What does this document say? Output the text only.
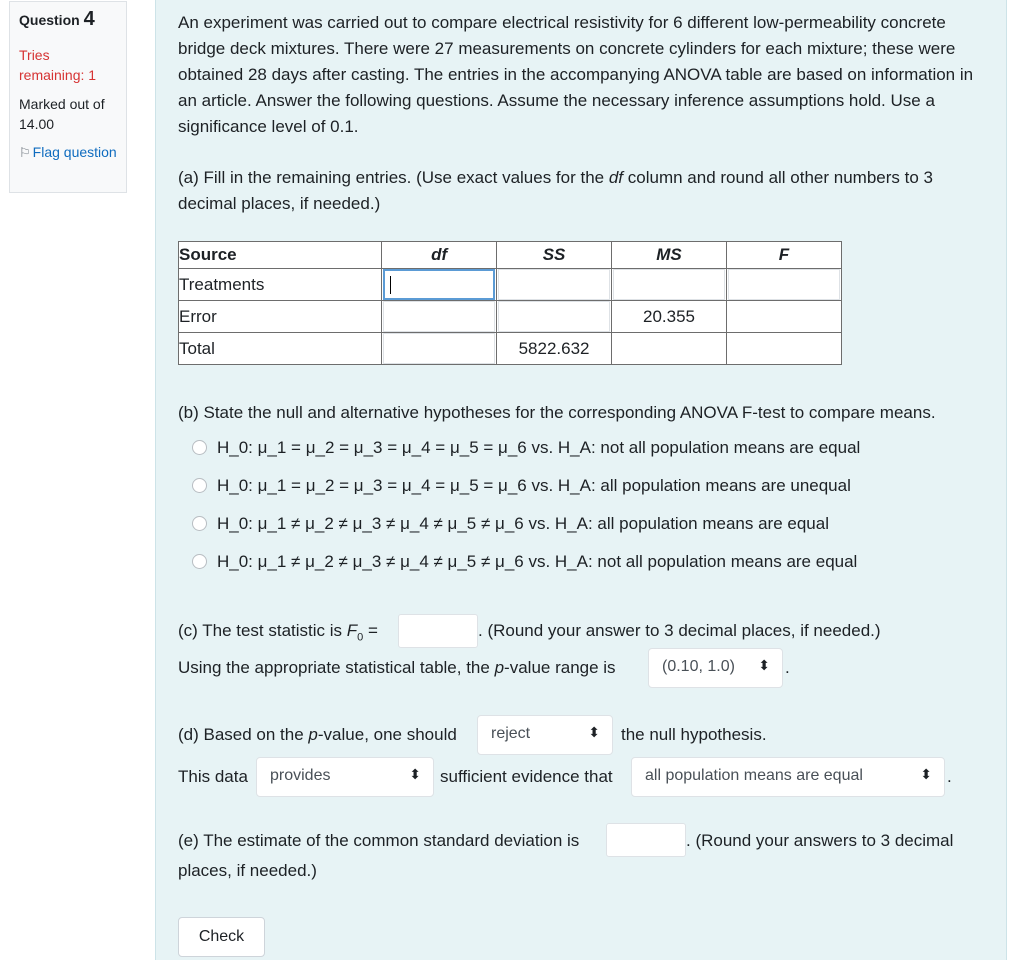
Question 4
Tries remaining: 1
Marked out of 14.00
⚐ Flag question
An experiment was carried out to compare electrical resistivity for 6 different low-permeability concrete bridge deck mixtures. There were 27 measurements on concrete cylinders for each mixture; these were obtained 28 days after casting. The entries in the accompanying ANOVA table are based on information in an article. Answer the following questions. Assume the necessary inference assumptions hold. Use a significance level of 0.1.
(a) Fill in the remaining entries. (Use exact values for the df column and round all other numbers to 3 decimal places, if needed.)
Source	df	SS	MS	F
Treatments	

Error			20.355	
Total		5822.632		
(b) State the null and alternative hypotheses for the corresponding ANOVA F-test to compare means.
H_0: μ_1 = μ_2 = μ_3 = μ_4 = μ_5 = μ_6 vs. H_A: not all population means are equal
H_0: μ_1 = μ_2 = μ_3 = μ_4 = μ_5 = μ_6 vs. H_A: all population means are unequal
H_0: μ_1 ≠ μ_2 ≠ μ_3 ≠ μ_4 ≠ μ_5 ≠ μ_6 vs. H_A: all population means are equal
H_0: μ_1 ≠ μ_2 ≠ μ_3 ≠ μ_4 ≠ μ_5 ≠ μ_6 vs. H_A: not all population means are equal
(c) The test statistic is $F_0$ =	. (Round your answer to 3 decimal places, if needed.)
Using the appropriate statistical table, the p-value range is	(0.10, 1.0) ⬍ .
(d) Based on the p-value, one should	reject	⬍ the null hypothesis.
This data	provides	⬍ sufficient evidence that	all population means are equal	⬍ .
(e) The estimate of the common standard deviation is	. (Round your answers to 3 decimal
places, if needed.)
Check
